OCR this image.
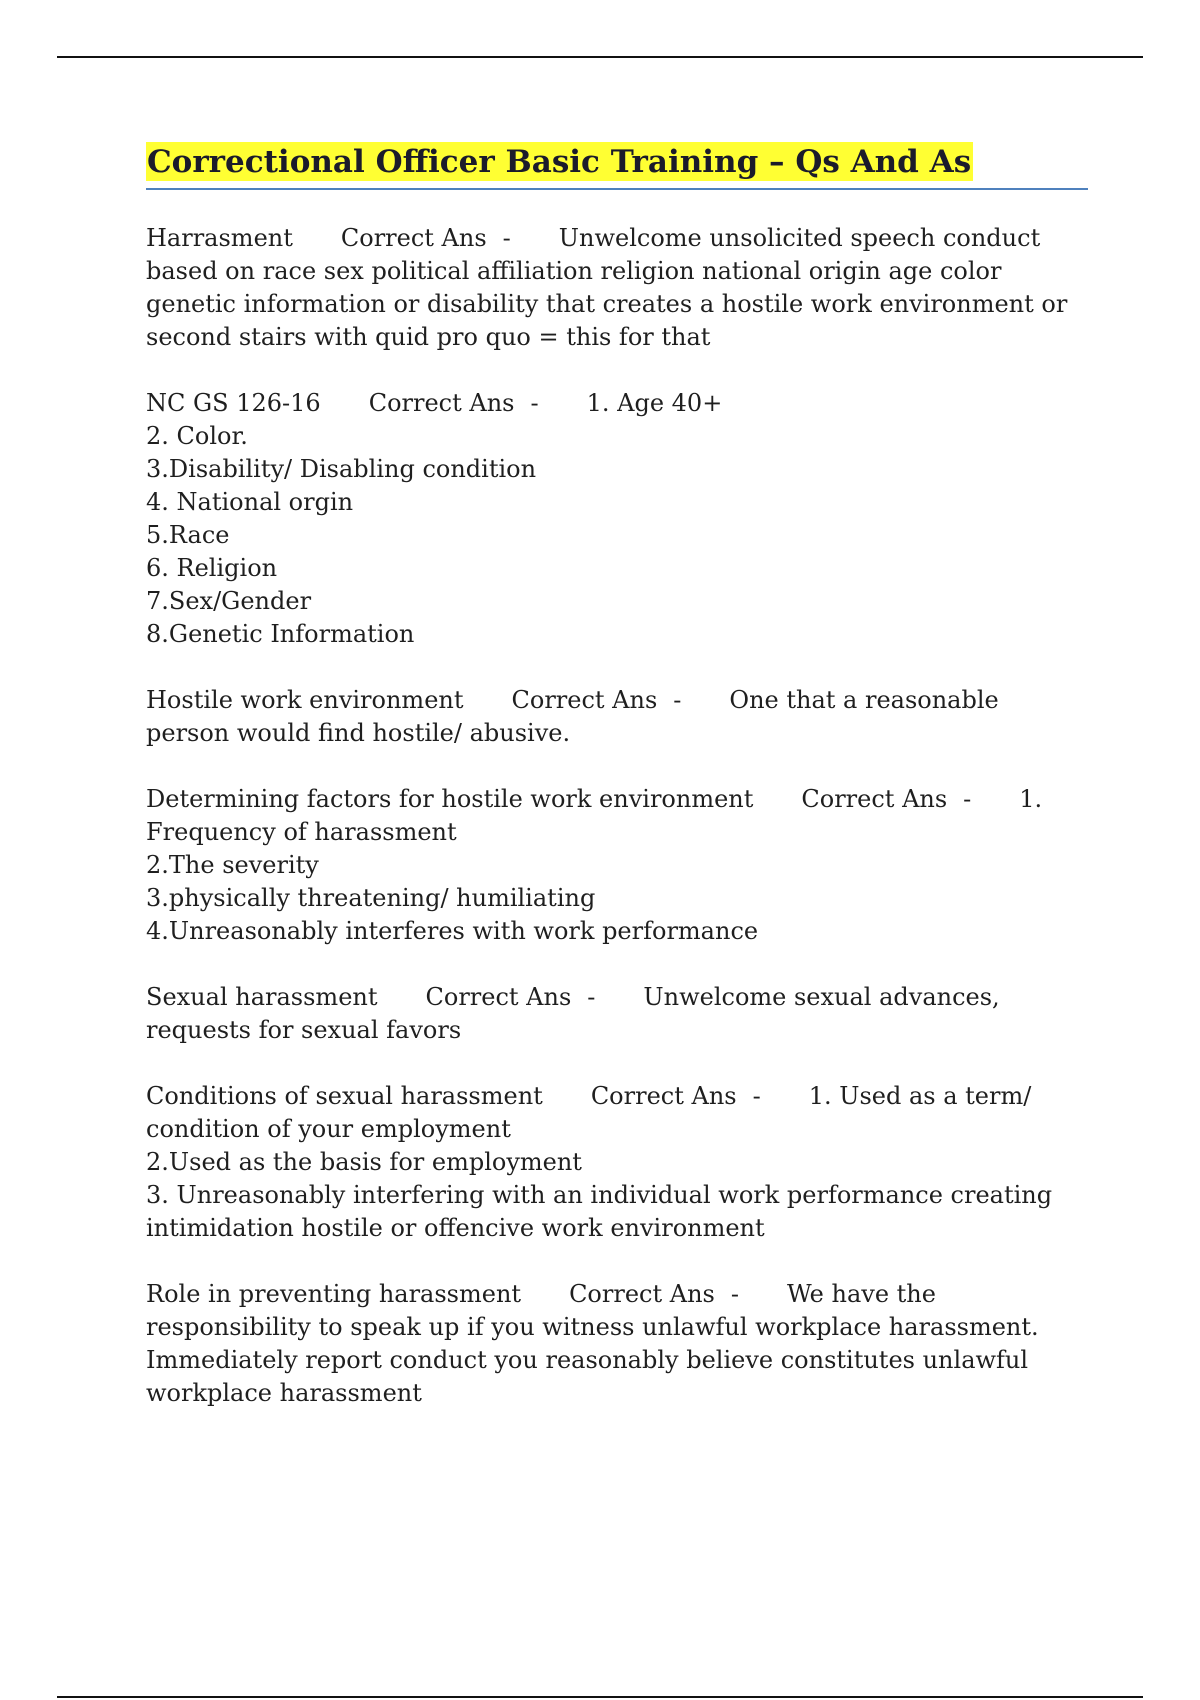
Correctional Officer Basic Training – Qs And As

Harrasment Correct Ans - Unwelcome unsolicited speech conduct based on race sex political affiliation religion national origin age color genetic information or disability that creates a hostile work environment or second stairs with quid pro quo = this for that

NC GS 126-16 Correct Ans - 1. Age 40+

2. Color.
3.Disability/ Disabling condition
4. National orgin
5.Race
6. Religion
7.Sex/Gender
8.Genetic Information

Hostile work environment Correct Ans - One that a reasonable person would find hostile/ abusive.

Determining factors for hostile work environment Correct Ans - 1. Frequency of harassment

2.The severity
3.physically threatening/ humiliating
4.Unreasonably interferes with work performance

Sexual harassment Correct Ans - Unwelcome sexual advances, requests for sexual favors

Conditions of sexual harassment Correct Ans - 1. Used as a term/ condition of your employment

2.Used as the basis for employment
3. Unreasonably interfering with an individual work performance creating intimidation hostile or offencive work environment

Role in preventing harassment Correct Ans - We have the responsibility to speak up if you witness unlawful workplace harassment. Immediately report conduct you reasonably believe constitutes unlawful workplace harassment
